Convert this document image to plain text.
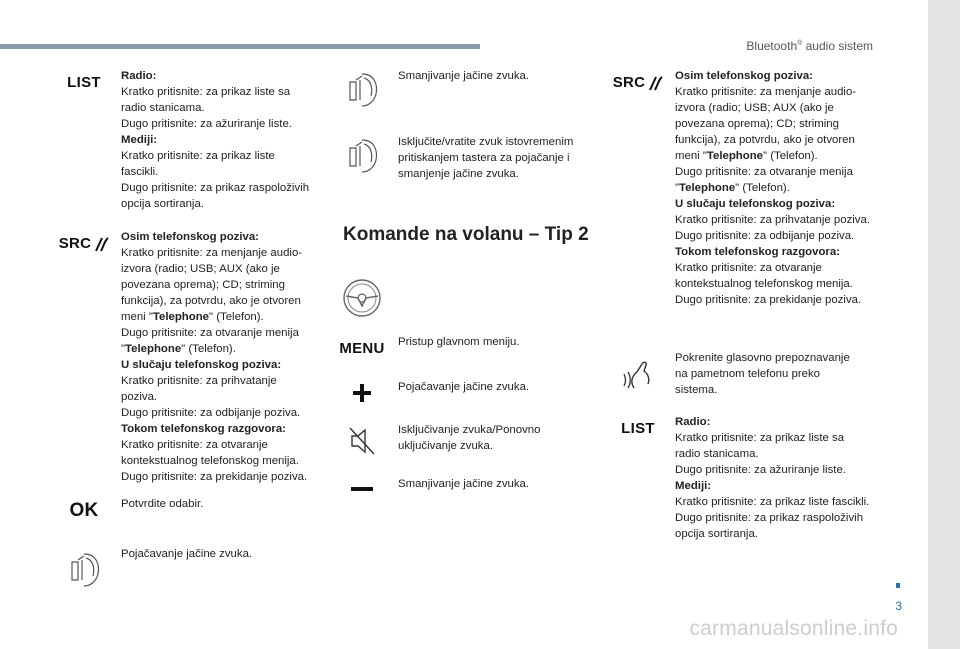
Bluetooth® audio sistem
3
carmanualsonline.info
LIST Radio:
Kratko pritisnite: za prikaz liste sa radio stanicama.
Dugo pritisnite: za ažuriranje liste.
Mediji:
Kratko pritisnite: za prikaz liste fascikli.
Dugo pritisnite: za prikaz raspoloživih opcija sortiranja.
SRC	Osim telefonskog poziva:
Kratko pritisnite: za menjanje audio-izvora (radio; USB; AUX (ako je povezana oprema); CD; striming funkcija), za potvrdu, ako je otvoren meni "Telephone" (Telefon).
Dugo pritisnite: za otvaranje menija "Telephone" (Telefon).
U slučaju telefonskog poziva:
Kratko pritisnite: za prihvatanje poziva.
Dugo pritisnite: za odbijanje poziva.
Tokom telefonskog razgovora:
Kratko pritisnite: za otvaranje kontekstualnog telefonskog menija.
Dugo pritisnite: za prekidanje poziva.
OK Potvrdite odabir.
Pojačavanje jačine zvuka.
Smanjivanje jačine zvuka.
Isključite/vratite zvuk istovremenim pritiskanjem tastera za pojačanje i smanjenje jačine zvuka.
Komande na volanu – Tip 2
MENU Pristup glavnom meniju.
Pojačavanje jačine zvuka.
Isključivanje zvuka/Ponovno uključivanje zvuka.
Smanjivanje jačine zvuka.
SRC	Osim telefonskog poziva:
Kratko pritisnite: za menjanje audio-izvora (radio; USB; AUX (ako je povezana oprema); CD; striming funkcija), za potvrdu, ako je otvoren meni "Telephone" (Telefon).
Dugo pritisnite: za otvaranje menija "Telephone" (Telefon).
U slučaju telefonskog poziva:
Kratko pritisnite: za prihvatanje poziva.
Dugo pritisnite: za odbijanje poziva.
Tokom telefonskog razgovora:
Kratko pritisnite: za otvaranje kontekstualnog telefonskog menija.
Dugo pritisnite: za prekidanje poziva.
Pokrenite glasovno prepoznavanje na pametnom telefonu preko sistema.
LIST Radio:
Kratko pritisnite: za prikaz liste sa radio stanicama.
Dugo pritisnite: za ažuriranje liste.
Mediji:
Kratko pritisnite: za prikaz liste fascikli.
Dugo pritisnite: za prikaz raspoloživih opcija sortiranja.
